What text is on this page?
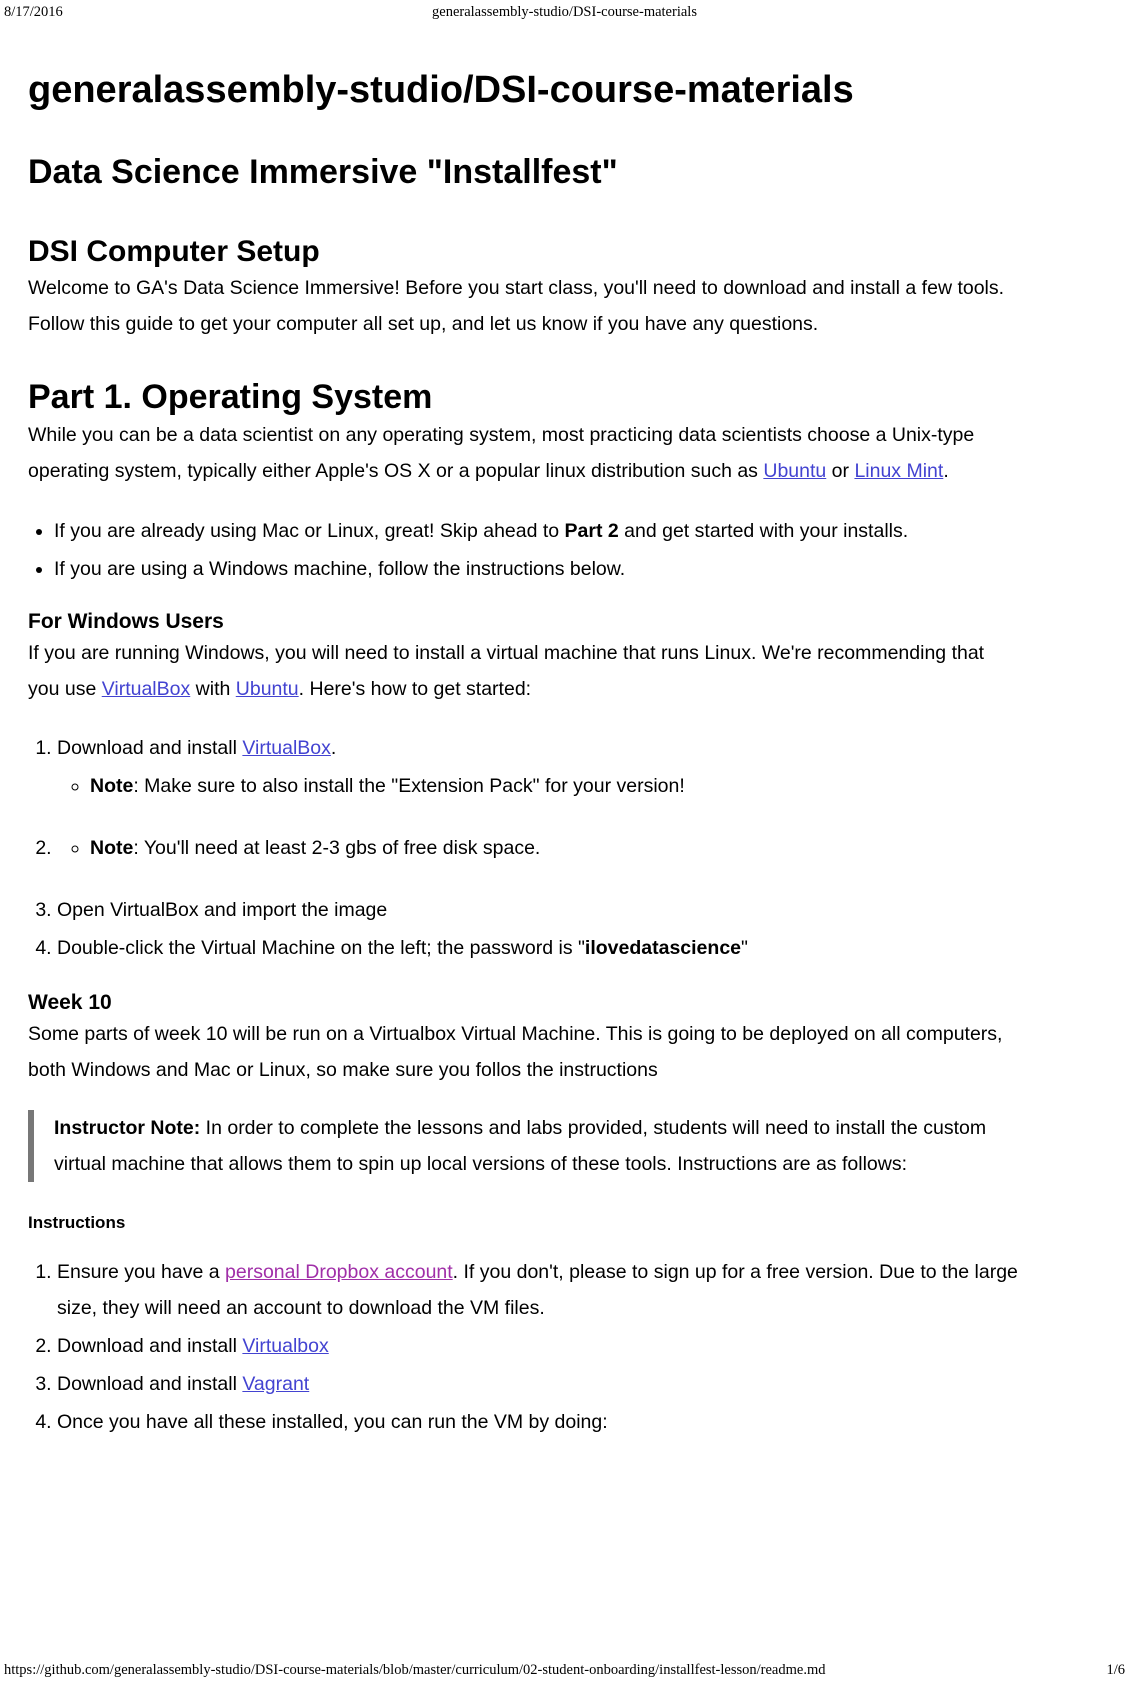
8/17/2016	generalassembly-studio/DSI-course-materials
generalassembly-studio/DSI-course-materials
Data Science Immersive "Installfest"
DSI Computer Setup

Welcome to GA's Data Science Immersive! Before you start class, you'll need to download and install a few tools. Follow this guide to get your computer all set up, and let us know if you have any questions.

Part 1. Operating System

While you can be a data scientist on any operating system, most practicing data scientists choose a Unix-type operating system, typically either Apple's OS X or a popular linux distribution such as Ubuntu or Linux Mint.

• If you are already using Mac or Linux, great! Skip ahead to Part 2 and get started with your installs.
• If you are using a Windows machine, follow the instructions below.
For Windows Users

If you are running Windows, you will need to install a virtual machine that runs Linux. We're recommending that you use VirtualBox with Ubuntu. Here's how to get started:

1. Download and install VirtualBox.
◦ Note: Make sure to also install the "Extension Pack" for your version!
◦ 2. Note: You'll need at least 2-3 gbs of free disk space.
3. Open VirtualBox and import the image
4. Double-click the Virtual Machine on the left; the password is "ilovedatascience"
Week 10

Some parts of week 10 will be run on a Virtualbox Virtual Machine. This is going to be deployed on all computers, both Windows and Mac or Linux, so make sure you follos the instructions

Instructor Note: In order to complete the lessons and labs provided, students will need to install the custom virtual machine that allows them to spin up local versions of these tools. Instructions are as follows:

Instructions
1. Ensure you have a personal Dropbox account. If you don't, please to sign up for a free version. Due to the large size, they will need an account to download the VM files.
2. Download and install Virtualbox
3. Download and install Vagrant
4. Once you have all these installed, you can run the VM by doing:
https://github.com/generalassembly-studio/DSI-course-materials/blob/master/curriculum/02-student-onboarding/installfest-lesson/readme.md	1/6
